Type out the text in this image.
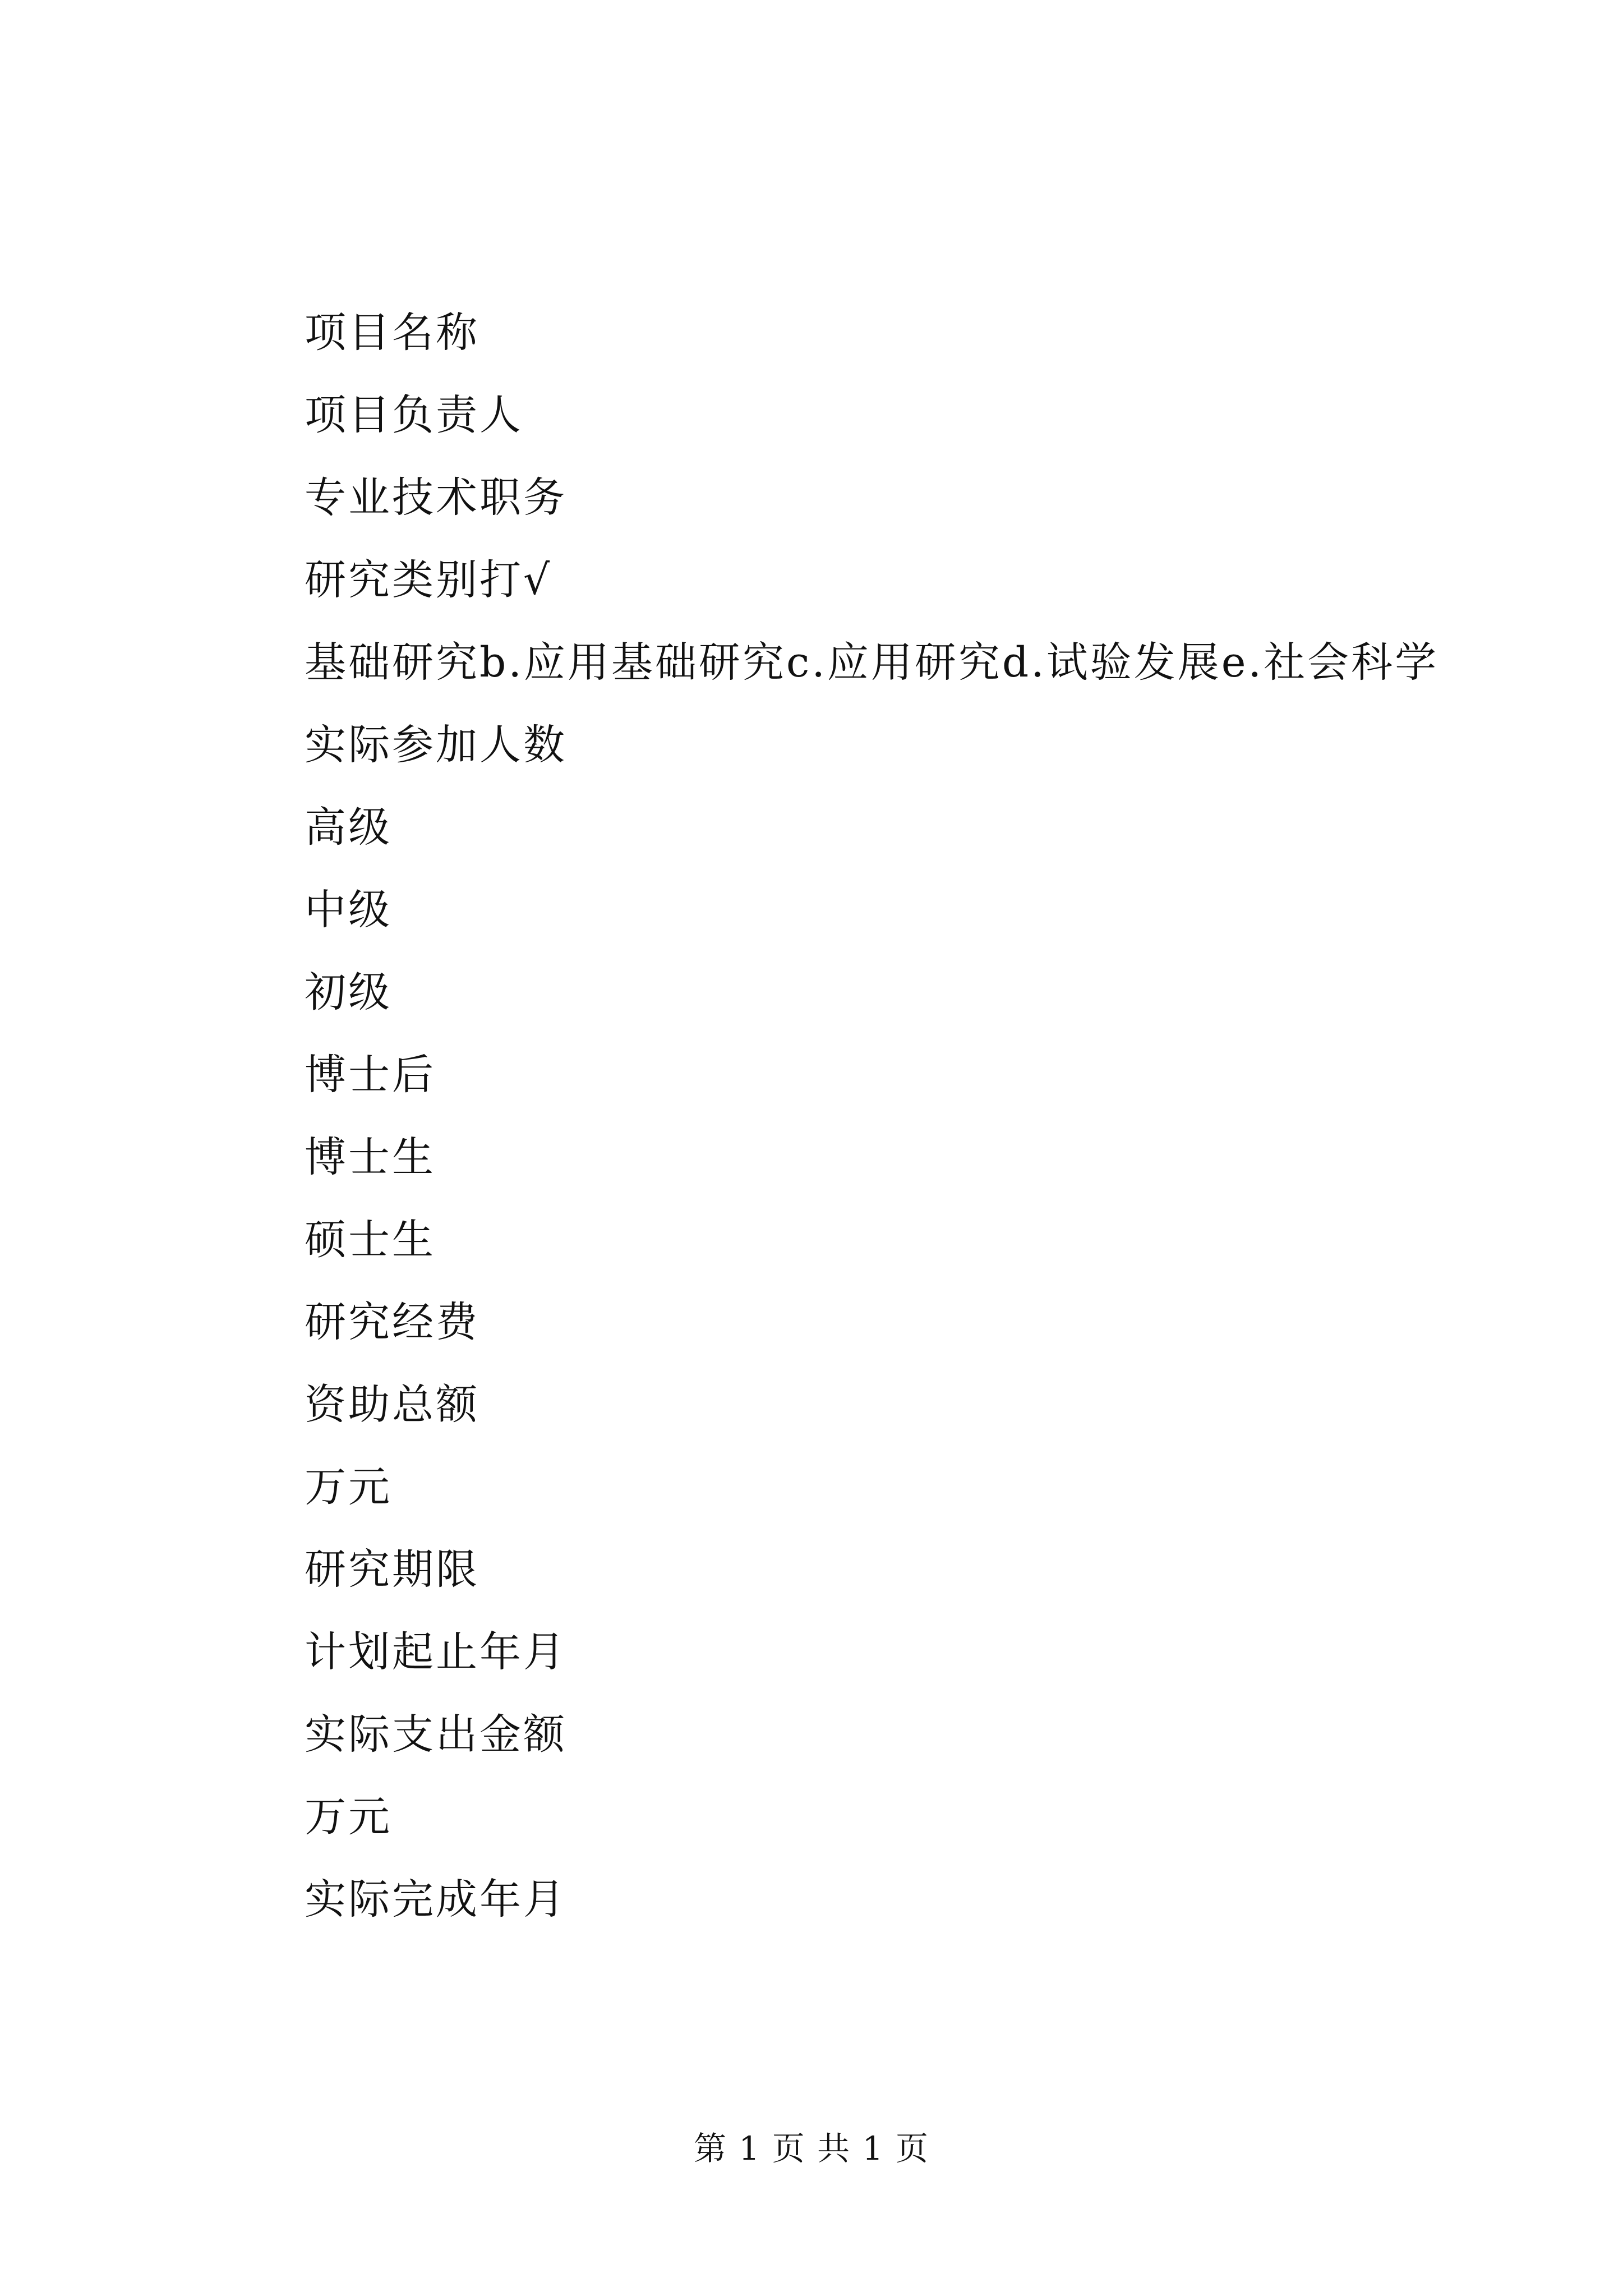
项目名称
项目负责人
专业技术职务
研究类别打√
基础研究b.应用基础研究c.应用研究d.试验发展e.社会科学
实际参加人数
高级
中级
初级
博士后
博士生
硕士生
研究经费
资助总额
万元
研究期限
计划起止年月
实际支出金额
万元
实际完成年月
第 1 页 共 1 页
